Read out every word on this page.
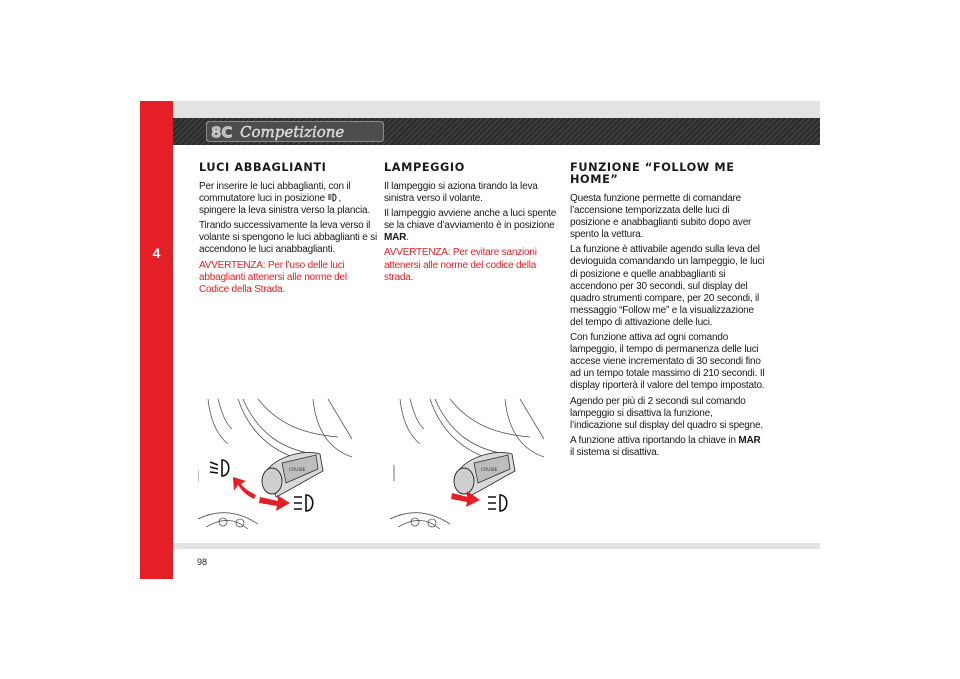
4
8C Competizione
LUCI ABBAGLIANTI

Per inserire le luci abbaglianti, con il commutatore luci in posizione , spingere la leva sinistra verso la plancia.

Tirando successivamente la leva verso il volante si spengono le luci abbaglianti e si accendono le luci anabbaglianti.

AVVERTENZA: Per l’uso delle luci abbaglianti attenersi alle norme del Codice della Strada.

LAMPEGGIO

Il lampeggio si aziona tirando la leva sinistra verso il volante.

Il lampeggio avviene anche a luci spente se la chiave d’avviamento è in posizione MAR.

AVVERTENZA: Per evitare sanzioni attenersi alle norme del codice della strada.

FUNZIONE “FOLLOW ME HOME”

Questa funzione permette di comandare l’accensione temporizzata delle luci di posizione e anabbaglianti subito dopo aver spento la vettura.

La funzione è attivabile agendo sulla leva del devioguida comandando un lampeggio, le luci di posizione e quelle anabbaglianti si accendono per 30 secondi, sul display del quadro strumenti compare, per 20 secondi, il messaggio “Follow me” e la visualizzazione del tempo di attivazione delle luci.

Con funzione attiva ad ogni comando lampeggio, il tempo di permanenza delle luci accese viene incrementato di 30 secondi fino ad un tempo totale massimo di 210 secondi. Il display riporterà il valore del tempo impostato.

Agendo per più di 2 secondi sul comando lampeggio si disattiva la funzione, l’indicazione sul display del quadro si spegne.

A funzione attiva riportando la chiave in MAR il sistema si disattiva.

CRUISE	CRUISE
98
